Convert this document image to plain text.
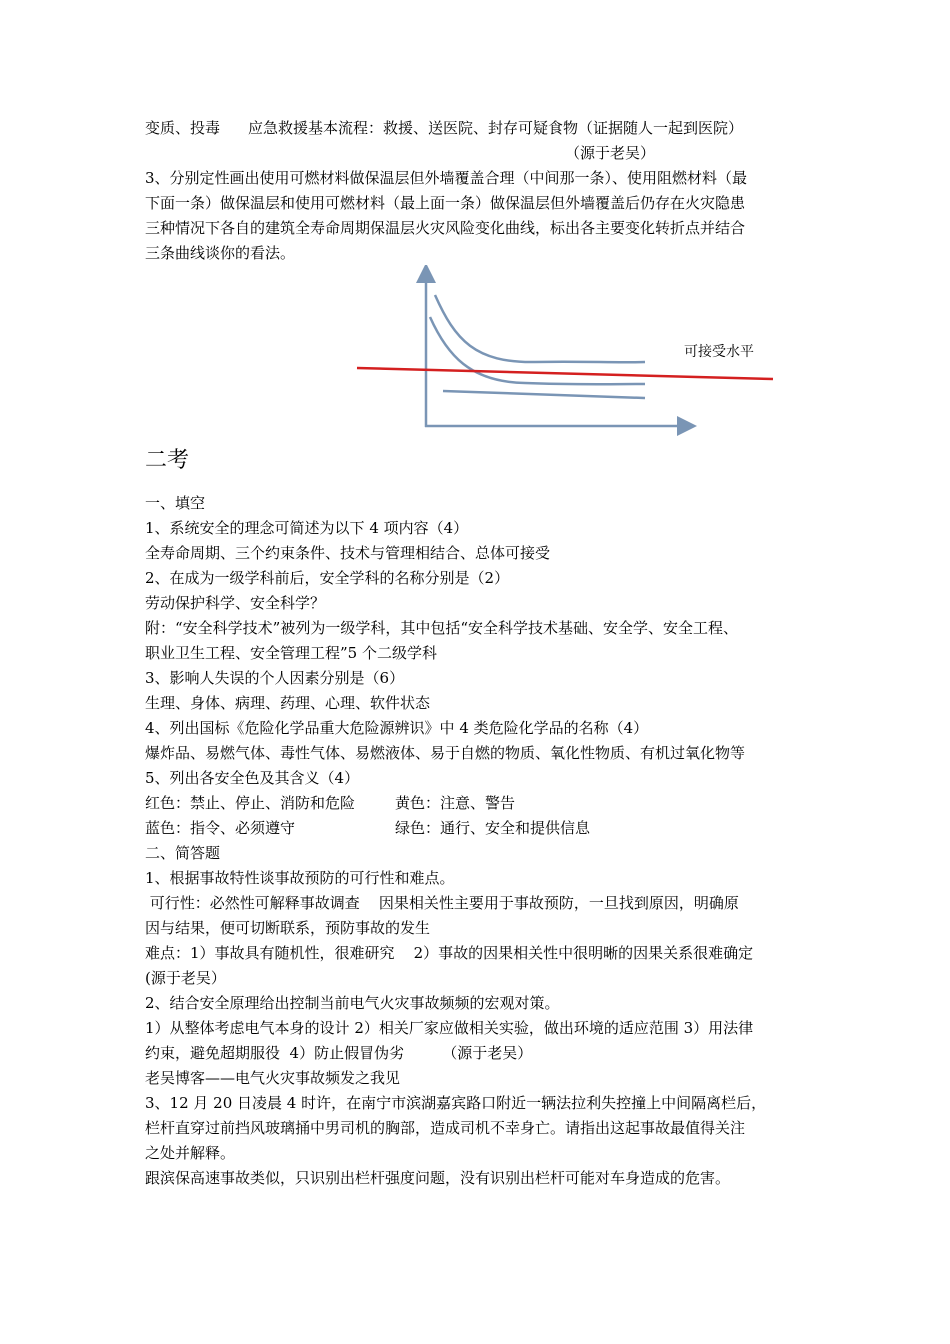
变质、投毒 应急救援基本流程：救援、送医院、封存可疑食物（证据随人一起到医院）
（源于老吴）
3、分别定性画出使用可燃材料做保温层但外墙覆盖合理（中间那一条）、使用阻燃材料（最
下面一条）做保温层和使用可燃材料（最上面一条）做保温层但外墙覆盖后仍存在火灾隐患
三种情况下各自的建筑全寿命周期保温层火灾风险变化曲线，标出各主要变化转折点并结合
三条曲线谈你的看法。
可接受水平
二考
一、填空
1、系统安全的理念可简述为以下 4 项内容（4）
全寿命周期、三个约束条件、技术与管理相结合、总体可接受
2、在成为一级学科前后，安全学科的名称分别是（2）
劳动保护科学、安全科学？
附：“安全科学技术”被列为一级学科，其中包括“安全科学技术基础、安全学、安全工程、
职业卫生工程、安全管理工程”5 个二级学科
3、影响人失误的个人因素分别是（6）
生理、身体、病理、药理、心理、软件状态
4、列出国标《危险化学品重大危险源辨识》中 4 类危险化学品的名称（4）
爆炸品、易燃气体、毒性气体、易燃液体、易于自燃的物质、氧化性物质、有机过氧化物等
5、列出各安全色及其含义（4）
红色：禁止、停止、消防和危险	黄色：注意、警告
蓝色：指令、必须遵守	绿色：通行、安全和提供信息
二、简答题
1、根据事故特性谈事故预防的可行性和难点。
可行性：必然性可解释事故调查    因果相关性主要用于事故预防，一旦找到原因，明确原
因与结果，便可切断联系，预防事故的发生
难点：1）事故具有随机性，很难研究    2）事故的因果相关性中很明晰的因果关系很难确定
(源于老吴）
2、结合安全原理给出控制当前电气火灾事故频频的宏观对策。
1）从整体考虑电气本身的设计 2）相关厂家应做相关实验，做出环境的适应范围 3）用法律
约束，避免超期服役  4）防止假冒伪劣        （源于老吴）
老吴博客——电气火灾事故频发之我见
3、12 月 20 日凌晨 4 时许，在南宁市滨湖嘉宾路口附近一辆法拉利失控撞上中间隔离栏后，
栏杆直穿过前挡风玻璃捅中男司机的胸部，造成司机不幸身亡。请指出这起事故最值得关注
之处并解释。
跟滨保高速事故类似，只识别出栏杆强度问题，没有识别出栏杆可能对车身造成的危害。
